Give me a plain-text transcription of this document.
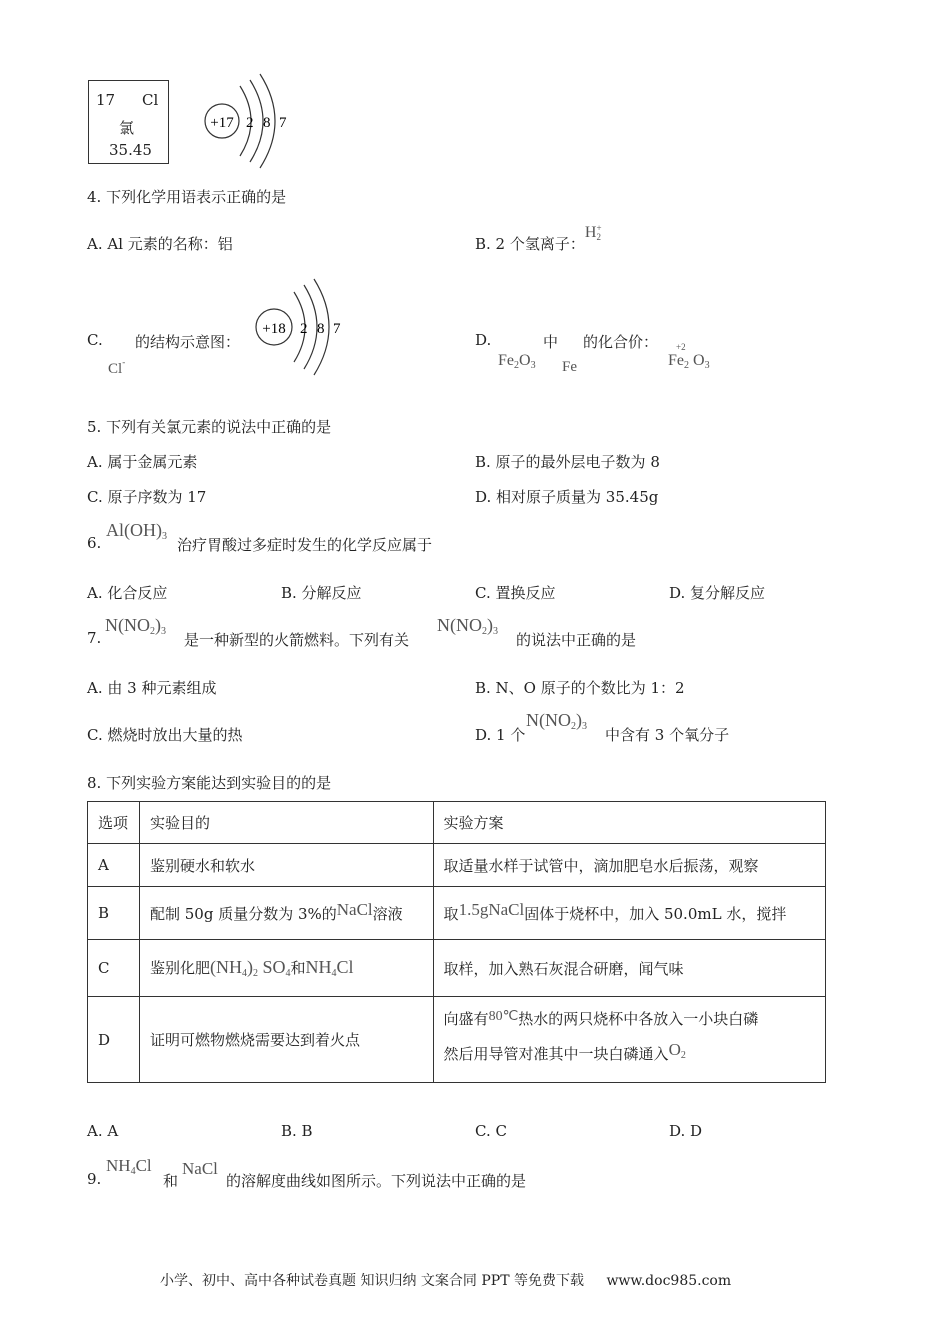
17 Cl
氯
35.45
+17 2 8 7
4. 下列化学用语表示正确的是
A. Al 元素的名称：铝	B. 2 个氢离子：H +
2
C. 的结构示意图：
Cl-
+18 2 8 7
D.	中 的化合价：
$Fe_2O_3$ Fe
+2
$Fe_2$ $O_3$
5. 下列有关氯元素的说法中正确的是
A. 属于金属元素	B. 原子的最外层电子数为 8
C. 原子序数为 17	D. 相对原子质量为 35.45g
6.
$Al(OH)_3$ 治疗胃酸过多症时发生的化学反应属于
A. 化合反应	B. 分解反应	C. 置换反应	D. 复分解反应
7.
$N(NO_2)_3$ 是一种新型的火箭燃料。下列有关
$N(NO_2)_3$ 的说法中正确的是
A. 由 3 种元素组成	B. N、O 原子的个数比为 1：2
C. 燃烧时放出大量的热	D. 1 个
$N(NO_2)_3$ 中含有 3 个氧分子
8. 下列实验方案能达到实验目的的是
选项	实验目的	实验方案
A	鉴别硬水和软水	取适量水样于试管中，滴加肥皂水后振荡，观察
B	配制 50g 质量分数为 3%的NaCl溶液	取1.5gNaCl固体于烧杯中，加入 50.0mL 水，搅拌
C	鉴别化肥$(NH_4)_2$ $SO_4$和$NH_4Cl$	取样，加入熟石灰混合研磨，闻气味
D	证明可燃物燃烧需要达到着火点	向盛有80℃热水的两只烧杯中各放入一小块白磷
然后用导管对准其中一块白磷通入$O_2$
A. A	B. B	C. C	D. D
9.
$NH_4Cl$
和
NaCl
的溶解度曲线如图所示。下列说法中正确的是
小学、初中、高中各种试卷真题 知识归纳 文案合同 PPT 等免费下载 www.doc985.com
